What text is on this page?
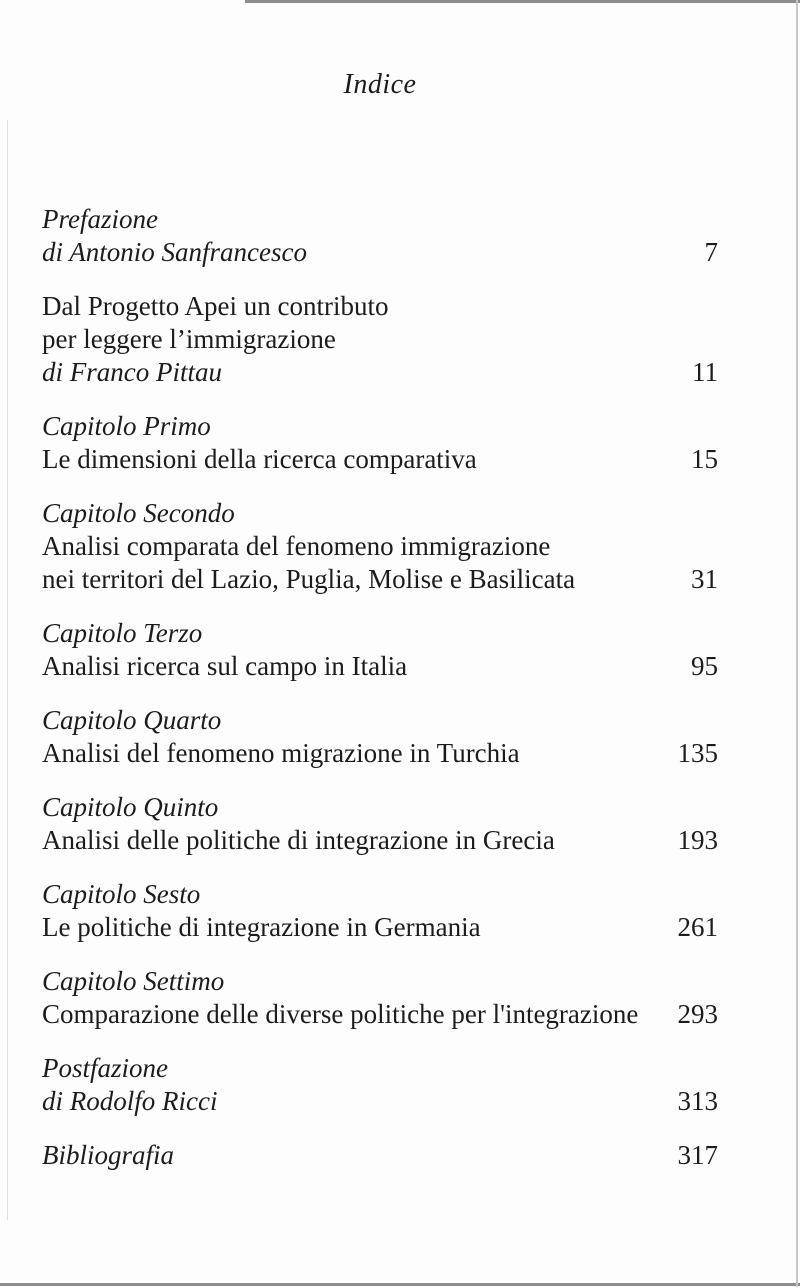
Indice
Prefazione
di Antonio Sanfrancesco	7
Dal Progetto Apei un contributo
per leggere l’immigrazione
di Franco Pittau	11
Capitolo Primo
Le dimensioni della ricerca comparativa	15
Capitolo Secondo
Analisi comparata del fenomeno immigrazione
nei territori del Lazio, Puglia, Molise e Basilicata	31
Capitolo Terzo
Analisi ricerca sul campo in Italia	95
Capitolo Quarto
Analisi del fenomeno migrazione in Turchia	135
Capitolo Quinto
Analisi delle politiche di integrazione in Grecia	193
Capitolo Sesto
Le politiche di integrazione in Germania	261
Capitolo Settimo
Comparazione delle diverse politiche per l'integrazione 293
Postfazione
di Rodolfo Ricci	313
Bibliografia	317
